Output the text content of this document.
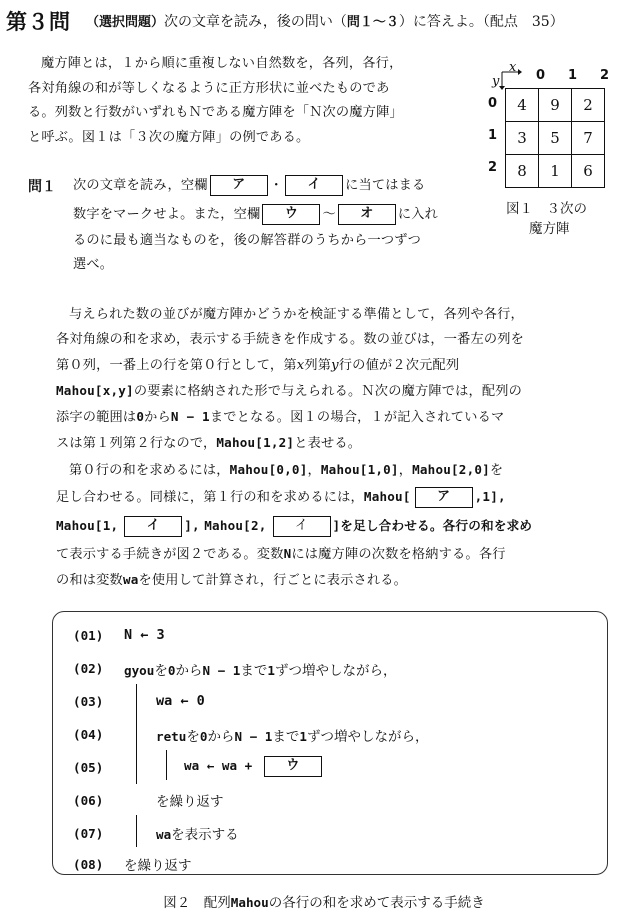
第３問 （選択問題）次の文章を読み，後の問い（問１～３）に答えよ。（配点　35）
魔方陣とは，１から順に重複しない自然数を，各列，各行，
各対角線の和が等しくなるように正方形状に並べたものであ
る。列数と行数がいずれもＮである魔方陣を「Ｎ次の魔方陣」
と呼ぶ。図１は「３次の魔方陣」の例である。
x
y	0 1 2
0
1
2
4	9	2
3	5	7
8	1	6
図１　３次の
魔方陣
問１ 次の文章を読み，空欄 ア ・ イ に当てはまる
数字をマークせよ。また，空欄 ウ ～ オ に入れ
るのに最も適当なものを，後の解答群のうちから一つずつ
選べ。
与えられた数の並びが魔方陣かどうかを検証する準備として，各列や各行，
各対角線の和を求め，表示する手続きを作成する。数の並びは，一番左の列を
第０列，一番上の行を第０行として，第x列第y行の値が２次元配列
Mahou[x,y]の要素に格納された形で与えられる。Ｎ次の魔方陣では，配列の
添字の範囲は0からN − 1までとなる。図１の場合，１が記入されているマ
スは第１列第２行なので，Mahou[1,2]と表せる。
第０行の和を求めるには，Mahou[0,0]，Mahou[1,0]，Mahou[2,0]を
足し合わせる。同様に，第１行の和を求めるには，Mahou[ ア ,1],
Mahou[1, イ ], Mahou[2, イ ]を足し合わせる。各行の和を求め
て表示する手続きが図２である。変数Nには魔方陣の次数を格納する。各行
の和は変数waを使用して計算され，行ごとに表示される。
(01)
(02)
(03)
(04)
(05)
(06)
(07)
(08)
N ← 3
gyouを0からN − 1まで1ずつ増やしながら，
wa ← 0
retuを0からN − 1まで1ずつ増やしながら，
wa ← wa + ウ
を繰り返す
waを表示する
を繰り返す
図２　配列Mahouの各行の和を求めて表示する手続き
